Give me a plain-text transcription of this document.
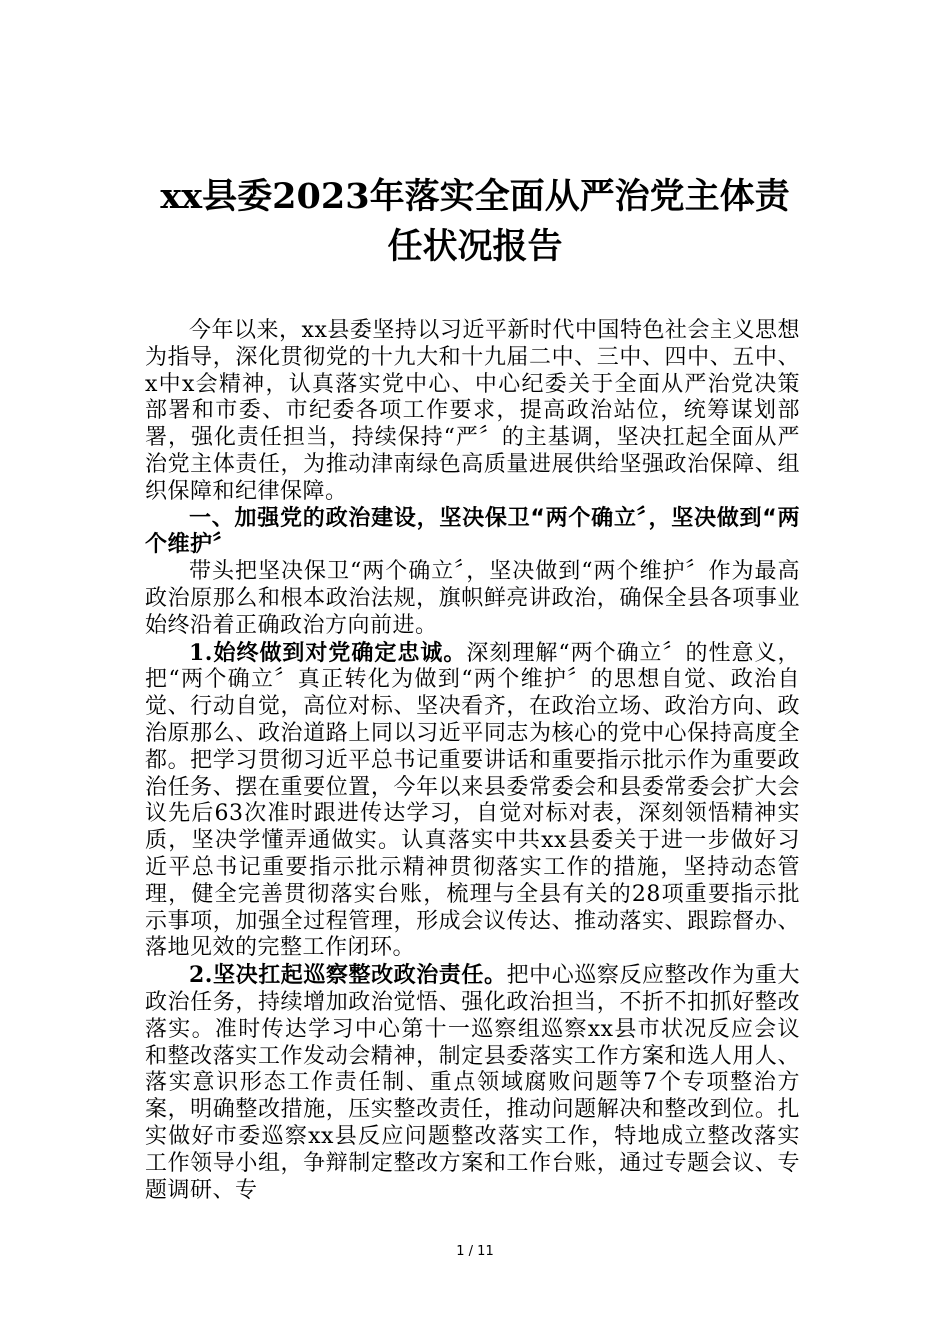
xx县委2023年落实全面从严治党主体责任状况报告

今年以来，xx县委坚持以习近平新时代中国特色社会主义思想为指导，深化贯彻党的十九大和十九届二中、三中、四中、五中、x中x会精神，认真落实党中心、中心纪委关于全面从严治党决策部署和市委、市纪委各项工作要求，提高政治站位，统筹谋划部署，强化责任担当，持续保持“严〞的主基调，坚决扛起全面从严治党主体责任，为推动津南绿色高质量进展供给坚强政治保障、组织保障和纪律保障。

一、加强党的政治建设，坚决保卫“两个确立〞，坚决做到“两个维护〞

带头把坚决保卫“两个确立〞，坚决做到“两个维护〞作为最高政治原那么和根本政治法规，旗帜鲜亮讲政治，确保全县各项事业始终沿着正确政治方向前进。

1.始终做到对党确定忠诚。深刻理解“两个确立〞的性意义，把“两个确立〞真正转化为做到“两个维护〞的思想自觉、政治自觉、行动自觉，高位对标、坚决看齐，在政治立场、政治方向、政治原那么、政治道路上同以习近平同志为核心的党中心保持高度全都。把学习贯彻习近平总书记重要讲话和重要指示批示作为重要政治任务、摆在重要位置，今年以来县委常委会和县委常委会扩大会议先后63次准时跟进传达学习，自觉对标对表，深刻领悟精神实质，坚决学懂弄通做实。认真落实中共xx县委关于进一步做好习近平总书记重要指示批示精神贯彻落实工作的措施，坚持动态管理，健全完善贯彻落实台账，梳理与全县有关的28项重要指示批示事项，加强全过程管理，形成会议传达、推动落实、跟踪督办、落地见效的完整工作闭环。

2.坚决扛起巡察整改政治责任。把中心巡察反应整改作为重大政治任务，持续增加政治觉悟、强化政治担当，不折不扣抓好整改落实。准时传达学习中心第十一巡察组巡察xx县市状况反应会议和整改落实工作发动会精神，制定县委落实工作方案和选人用人、落实意识形态工作责任制、重点领域腐败问题等7个专项整治方案，明确整改措施，压实整改责任，推动问题解决和整改到位。扎实做好市委巡察xx县反应问题整改落实工作，特地成立整改落实工作领导小组，争辩制定整改方案和工作台账，通过专题会议、专题调研、专

1 / 11
